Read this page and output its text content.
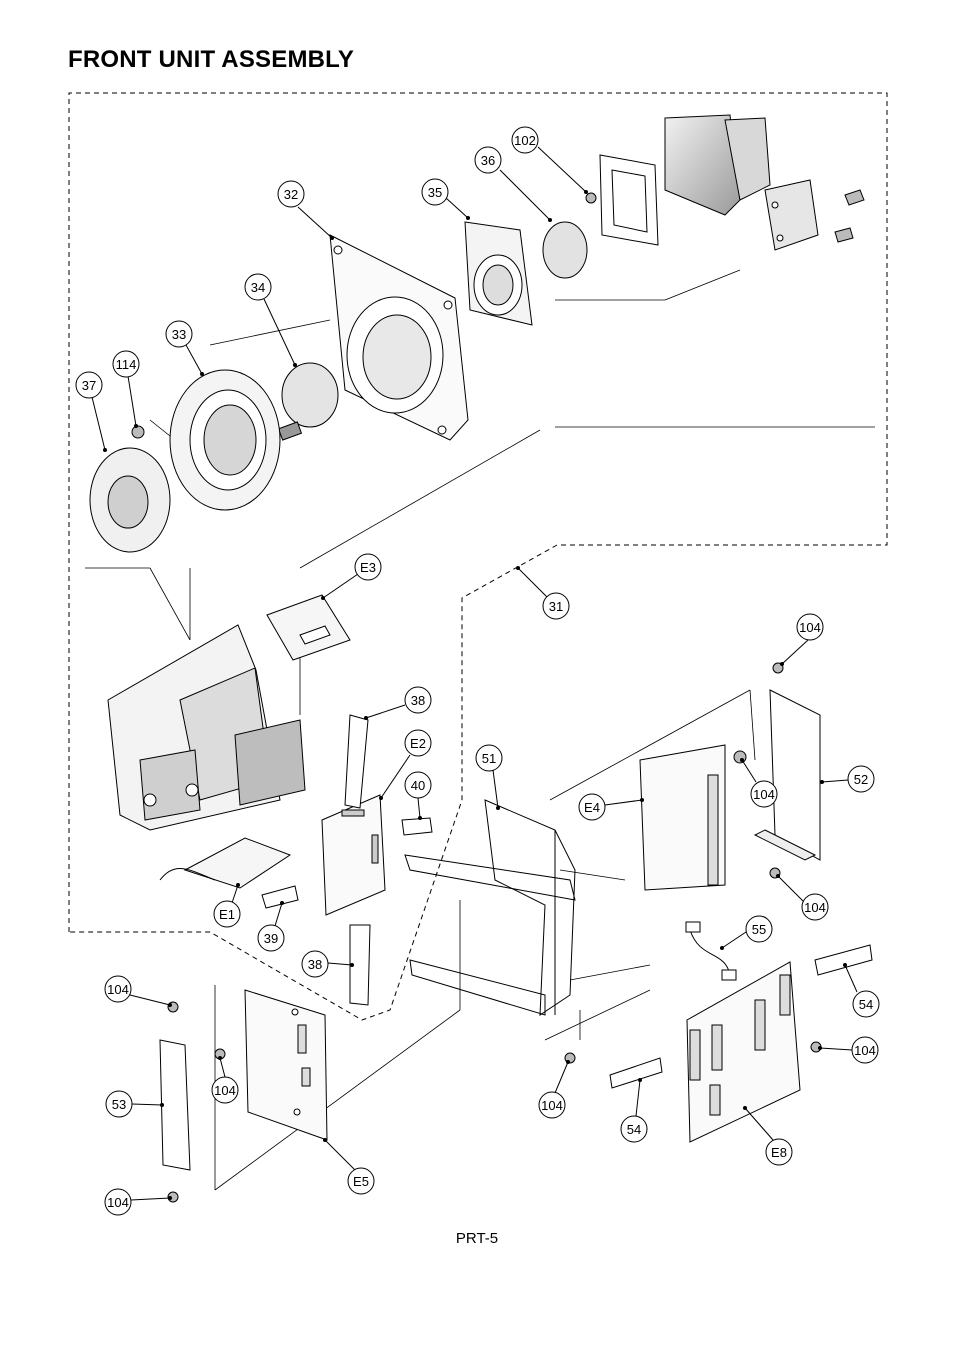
FRONT UNIT ASSEMBLY
102
36
35
32
34
33
114
37
E3
31
104
38
E2
40
51
E4
104
52
E1
39
104
38
55
104
54
104
104
53	104
104
54
E8
E5
PRT-5
